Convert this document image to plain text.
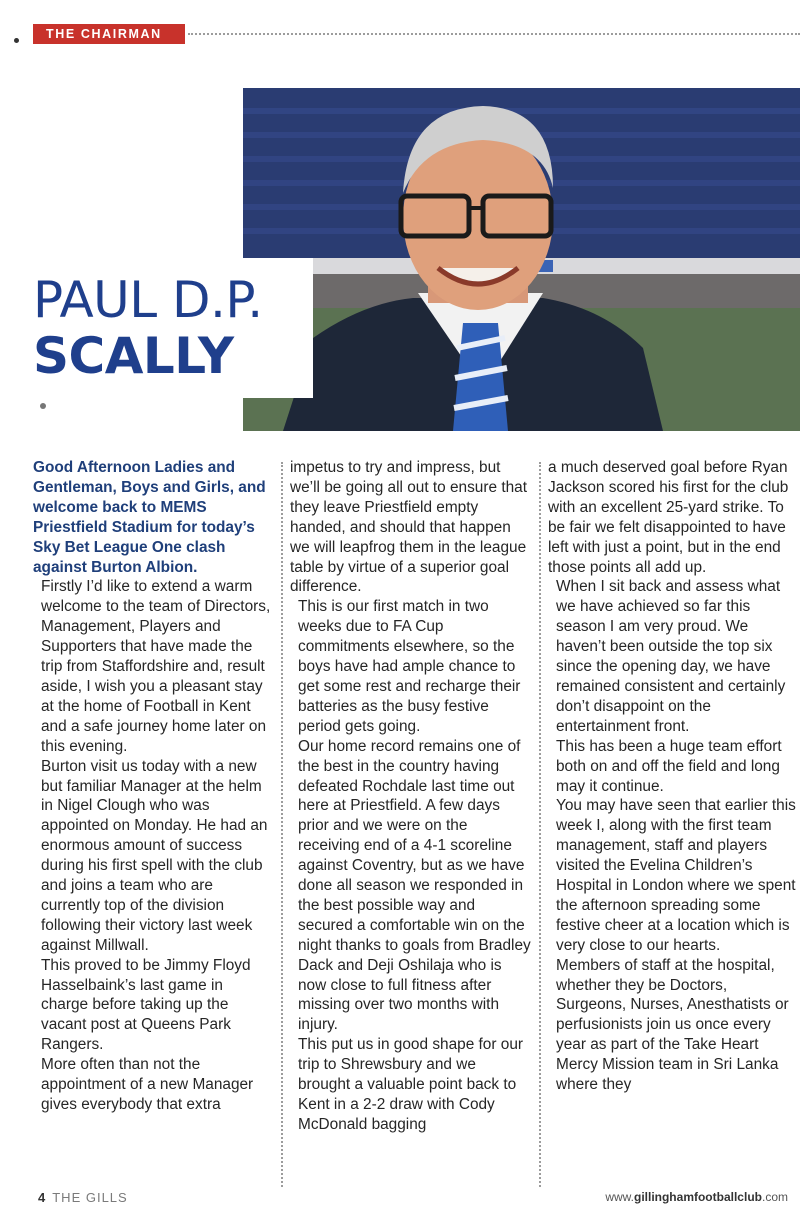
THE CHAIRMAN
PAUL D.P.
SCALLY

Good Afternoon Ladies and Gentleman, Boys and Girls, and welcome back to MEMS Priestfield Stadium for today’s Sky Bet League One clash against Burton Albion.

Firstly I’d like to extend a warm welcome to the team of Directors, Management, Players and Supporters that have made the trip from Staffordshire and, result aside, I wish you a pleasant stay at the home of Football in Kent and a safe journey home later on this evening.

Burton visit us today with a new but familiar Manager at the helm in Nigel Clough who was appointed on Monday. He had an enormous amount of success during his first spell with the club and joins a team who are currently top of the division following their victory last week against Millwall.

This proved to be Jimmy Floyd Hasselbaink’s last game in charge before taking up the vacant post at Queens Park Rangers.

More often than not the appointment of a new Manager gives everybody that extra

impetus to try and impress, but we’ll be going all out to ensure that they leave Priestfield empty handed, and should that happen we will leapfrog them in the league table by virtue of a superior goal difference.

This is our first match in two weeks due to FA Cup commitments elsewhere, so the boys have had ample chance to get some rest and recharge their batteries as the busy festive period gets going.

Our home record remains one of the best in the country having defeated Rochdale last time out here at Priestfield. A few days prior and we were on the receiving end of a 4-1 scoreline against Coventry, but as we have done all season we responded in the best possible way and secured a comfortable win on the night thanks to goals from Bradley Dack and Deji Oshilaja who is now close to full fitness after missing over two months with injury.

This put us in good shape for our trip to Shrewsbury and we brought a valuable point back to Kent in a 2-2 draw with Cody McDonald bagging

a much deserved goal before Ryan Jackson scored his first for the club with an excellent 25-yard strike. To be fair we felt disappointed to have left with just a point, but in the end those points all add up.

When I sit back and assess what we have achieved so far this season I am very proud. We haven’t been outside the top six since the opening day, we have remained consistent and certainly don’t disappoint on the entertainment front.

This has been a huge team effort both on and off the field and long may it continue.

You may have seen that earlier this week I, along with the first team management, staff and players visited the Evelina Children’s Hospital in London where we spent the afternoon spreading some festive cheer at a location which is very close to our hearts.

Members of staff at the hospital, whether they be Doctors, Surgeons, Nurses, Anesthatists or perfusionists join us once every year as part of the Take Heart Mercy Mission team in Sri Lanka where they

4 THE GILLS	www.gillinghamfootballclub.com
